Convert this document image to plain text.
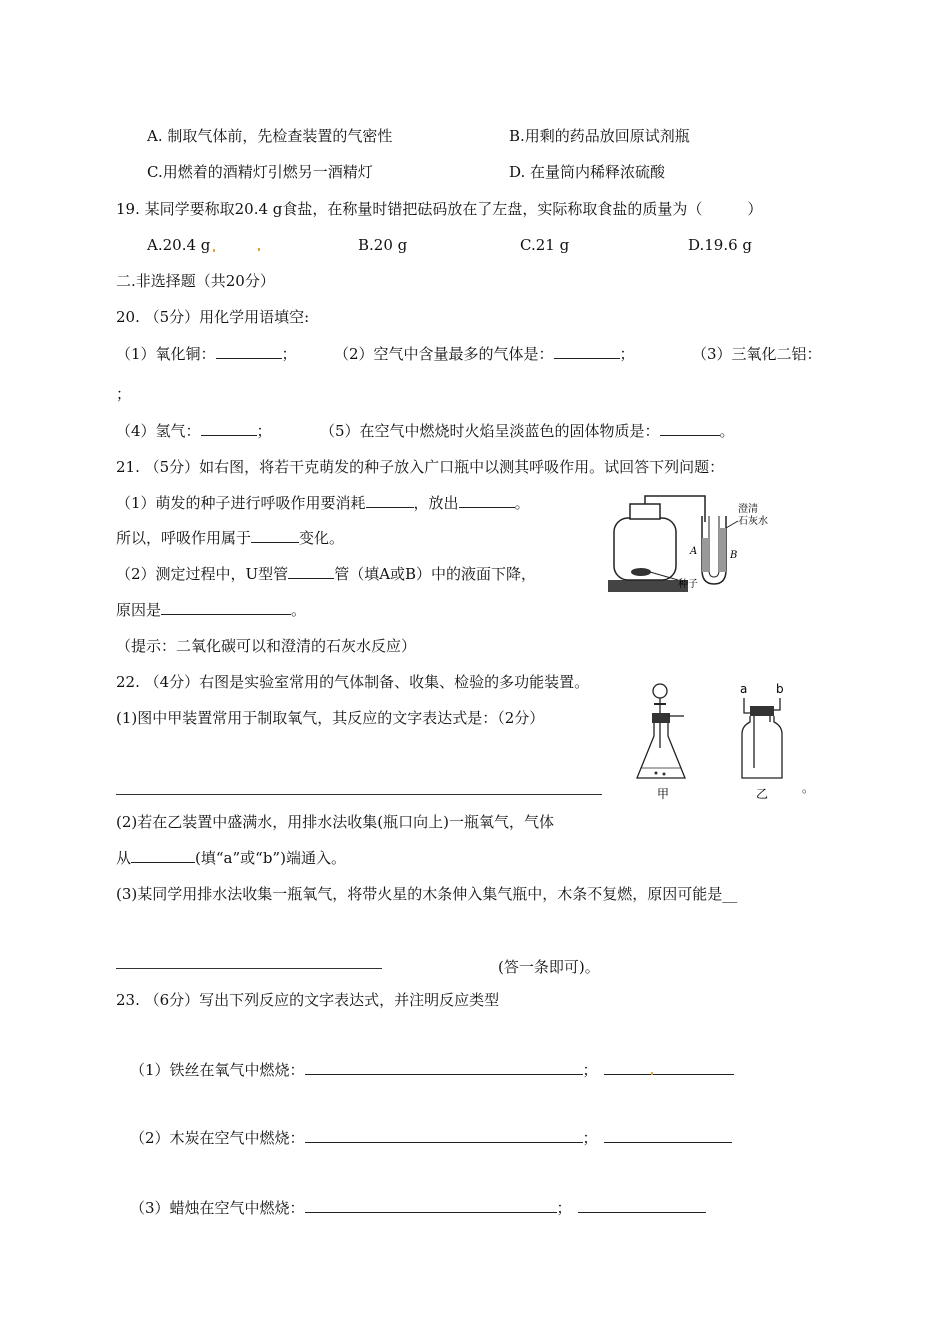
A. 制取气体前，先检查装置的气密性	B.用剩的药品放回原试剂瓶
C.用燃着的酒精灯引燃另一酒精灯	D. 在量筒内稀释浓硫酸
19. 某同学要称取20.4 g食盐，在称量时错把砝码放在了左盘，实际称取食盐的质量为（　　　）
A.20.4 g	B.20 g	C.21 g	D.19.6 g
二.非选择题（共20分）
20. （5分）用化学用语填空:
（1）氧化铜：	； （2）空气中含量最多的气体是：	；	（3）三氧化二铝：
；
（4）氢气：	；	（5）在空气中燃烧时火焰呈淡蓝色的固体物质是：	。
21. （5分）如右图，将若干克萌发的种子放入广口瓶中以测其呼吸作用。试回答下列问题：
（1）萌发的种子进行呼吸作用要消耗	，放出	。
所以，呼吸作用属于	变化。
（2）测定过程中，U型管	管（填A或B）中的液面下降，
原因是	。
（提示：二氧化碳可以和澄清的石灰水反应）
澄清
石灰水
A	B
种子
22. （4分）右图是实验室常用的气体制备、收集、检验的多功能装置。
(1)图中甲装置常用于制取氧气，其反应的文字表达式是：（2分）
(2)若在乙装置中盛满水，用排水法收集(瓶口向上)一瓶氧气，气体
从	(填“a”或“b”)端通入。
(3)某同学用排水法收集一瓶氧气，将带火星的木条伸入集气瓶中，木条不复燃，原因可能是__
(答一条即可)。
甲
a b
乙	。
23. （6分）写出下列反应的文字表达式，并注明反应类型
（1）铁丝在氧气中燃烧：	；
（2）木炭在空气中燃烧：	；
（3）蜡烛在空气中燃烧：	；
